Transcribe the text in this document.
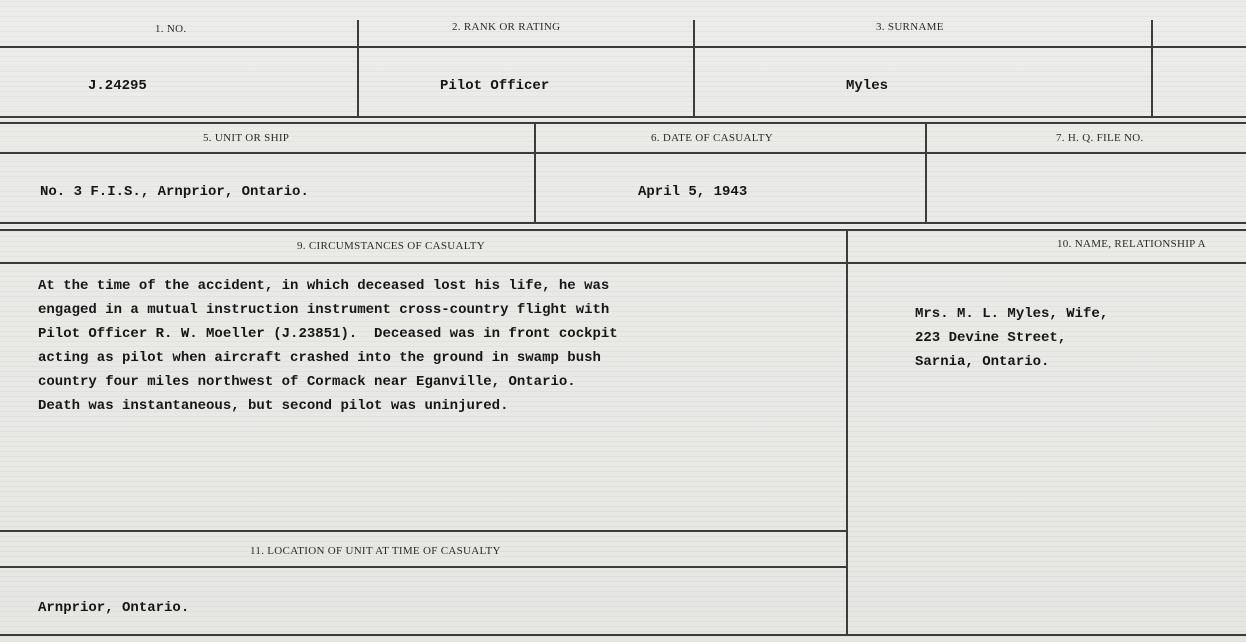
1. NO.	2. RANK OR RATING	3. SURNAME
J.24295	Pilot Officer	Myles
5. UNIT OR SHIP	6. DATE OF CASUALTY	7. H. Q. FILE NO.
No. 3 F.I.S., Arnprior, Ontario.	April 5, 1943
9. CIRCUMSTANCES OF CASUALTY
At the time of the accident, in which deceased lost his life, he was
engaged in a mutual instruction instrument cross-country flight with
Pilot Officer R. W. Moeller (J.23851).  Deceased was in front cockpit
acting as pilot when aircraft crashed into the ground in swamp bush
country four miles northwest of Cormack near Eganville, Ontario.
Death was instantaneous, but second pilot was uninjured.
10. NAME, RELATIONSHIP A
Mrs. M. L. Myles, Wife,
223 Devine Street,
Sarnia, Ontario.
11. LOCATION OF UNIT AT TIME OF CASUALTY
Arnprior, Ontario.
